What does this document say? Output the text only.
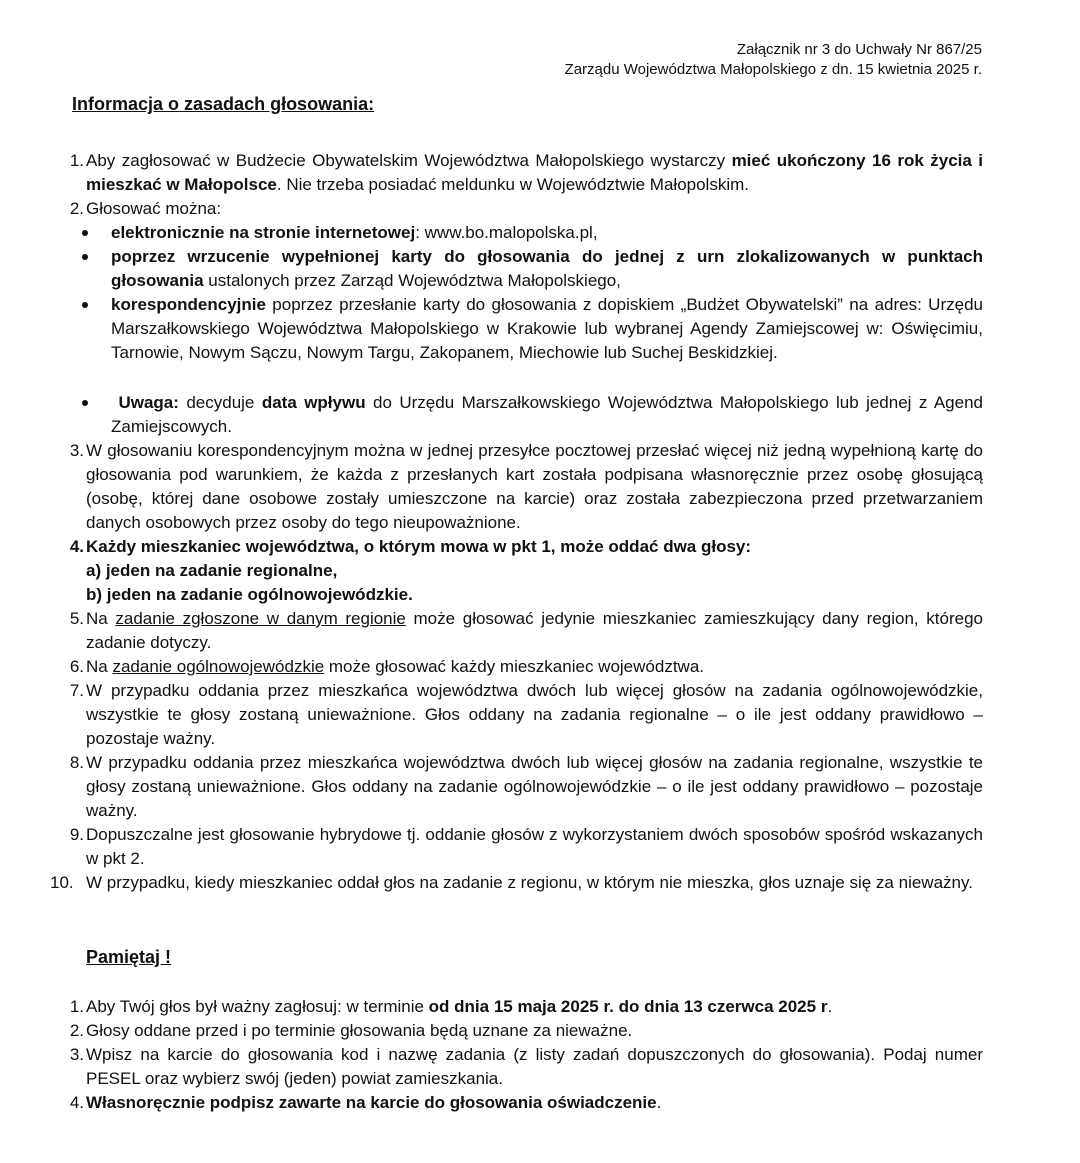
Załącznik nr 3 do Uchwały Nr 867/25
Zarządu Województwa Małopolskiego z dn. 15 kwietnia 2025 r.
Informacja o zasadach głosowania:
1. Aby zagłosować w Budżecie Obywatelskim Województwa Małopolskiego wystarczy mieć ukończony 16 rok życia i mieszkać w Małopolsce. Nie trzeba posiadać meldunku w Województwie Małopolskim.
2. Głosować można:
elektronicznie na stronie internetowej: www.bo.malopolska.pl,
poprzez wrzucenie wypełnionej karty do głosowania do jednej z urn zlokalizowanych w punktach głosowania ustalonych przez Zarząd Województwa Małopolskiego,
korespondencyjnie poprzez przesłanie karty do głosowania z dopiskiem „Budżet Obywatelski” na adres: Urzędu Marszałkowskiego Województwa Małopolskiego w Krakowie lub wybranej Agendy Zamiejscowej w: Oświęcimiu, Tarnowie, Nowym Sączu, Nowym Targu, Zakopanem, Miechowie lub Suchej Beskidzkiej.
Uwaga: decyduje data wpływu do Urzędu Marszałkowskiego Województwa Małopolskiego lub jednej z Agend Zamiejscowych.
3. W głosowaniu korespondencyjnym można w jednej przesyłce pocztowej przesłać więcej niż jedną wypełnioną kartę do głosowania pod warunkiem, że każda z przesłanych kart została podpisana własnoręcznie przez osobę głosującą (osobę, której dane osobowe zostały umieszczone na karcie) oraz została zabezpieczona przed przetwarzaniem danych osobowych przez osoby do tego nieupoważnione.
4. Każdy mieszkaniec województwa, o którym mowa w pkt 1, może oddać dwa głosy:
a) jeden na zadanie regionalne,
b) jeden na zadanie ogólnowojewódzkie.
5. Na zadanie zgłoszone w danym regionie może głosować jedynie mieszkaniec zamieszkujący dany region, którego zadanie dotyczy.
6. Na zadanie ogólnowojewódzkie może głosować każdy mieszkaniec województwa.
7. W przypadku oddania przez mieszkańca województwa dwóch lub więcej głosów na zadania ogólnowojewódzkie, wszystkie te głosy zostaną unieważnione. Głos oddany na zadania regionalne – o ile jest oddany prawidłowo – pozostaje ważny.
8. W przypadku oddania przez mieszkańca województwa dwóch lub więcej głosów na zadania regionalne, wszystkie te głosy zostaną unieważnione. Głos oddany na zadanie ogólnowojewódzkie – o ile jest oddany prawidłowo – pozostaje ważny.
9. Dopuszczalne jest głosowanie hybrydowe tj. oddanie głosów z wykorzystaniem dwóch sposobów spośród wskazanych w pkt 2.
10. W przypadku, kiedy mieszkaniec oddał głos na zadanie z regionu, w którym nie mieszka, głos uznaje się za nieważny.
Pamiętaj !
1. Aby Twój głos był ważny zagłosuj: w terminie od dnia 15 maja 2025 r. do dnia 13 czerwca 2025 r.
2. Głosy oddane przed i po terminie głosowania będą uznane za nieważne.
3. Wpisz na karcie do głosowania kod i nazwę zadania (z listy zadań dopuszczonych do głosowania). Podaj numer PESEL oraz wybierz swój (jeden) powiat zamieszkania.
4. Własnoręcznie podpisz zawarte na karcie do głosowania oświadczenie.
